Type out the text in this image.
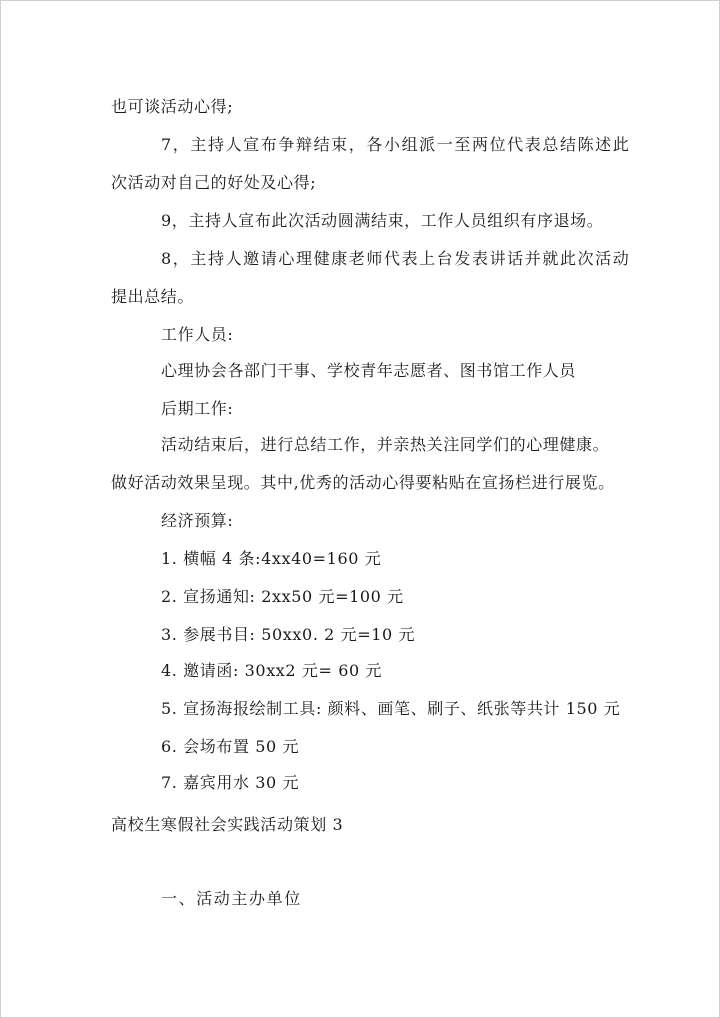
也可谈活动心得;
7，主持人宣布争辩结束，各小组派一至两位代表总结陈述此
次活动对自己的好处及心得;
9，主持人宣布此次活动圆满结束，工作人员组织有序退场。
8，主持人邀请心理健康老师代表上台发表讲话并就此次活动
提出总结。
工作人员:
心理协会各部门干事、学校青年志愿者、图书馆工作人员
后期工作:
活动结束后，进行总结工作，并亲热关注同学们的心理健康。
做好活动效果呈现。其中,优秀的活动心得要粘贴在宣扬栏进行展览。
经济预算:
1. 横幅 4 条:4xx40=160 元
2. 宣扬通知: 2xx50 元=100 元
3. 参展书目: 50xx0. 2 元=10 元
4. 邀请函: 30xx2 元= 60 元
5. 宣扬海报绘制工具: 颜料、画笔、刷子、纸张等共计 150 元
6. 会场布置 50 元
7. 嘉宾用水 30 元
高校生寒假社会实践活动策划 3
一、活动主办单位
